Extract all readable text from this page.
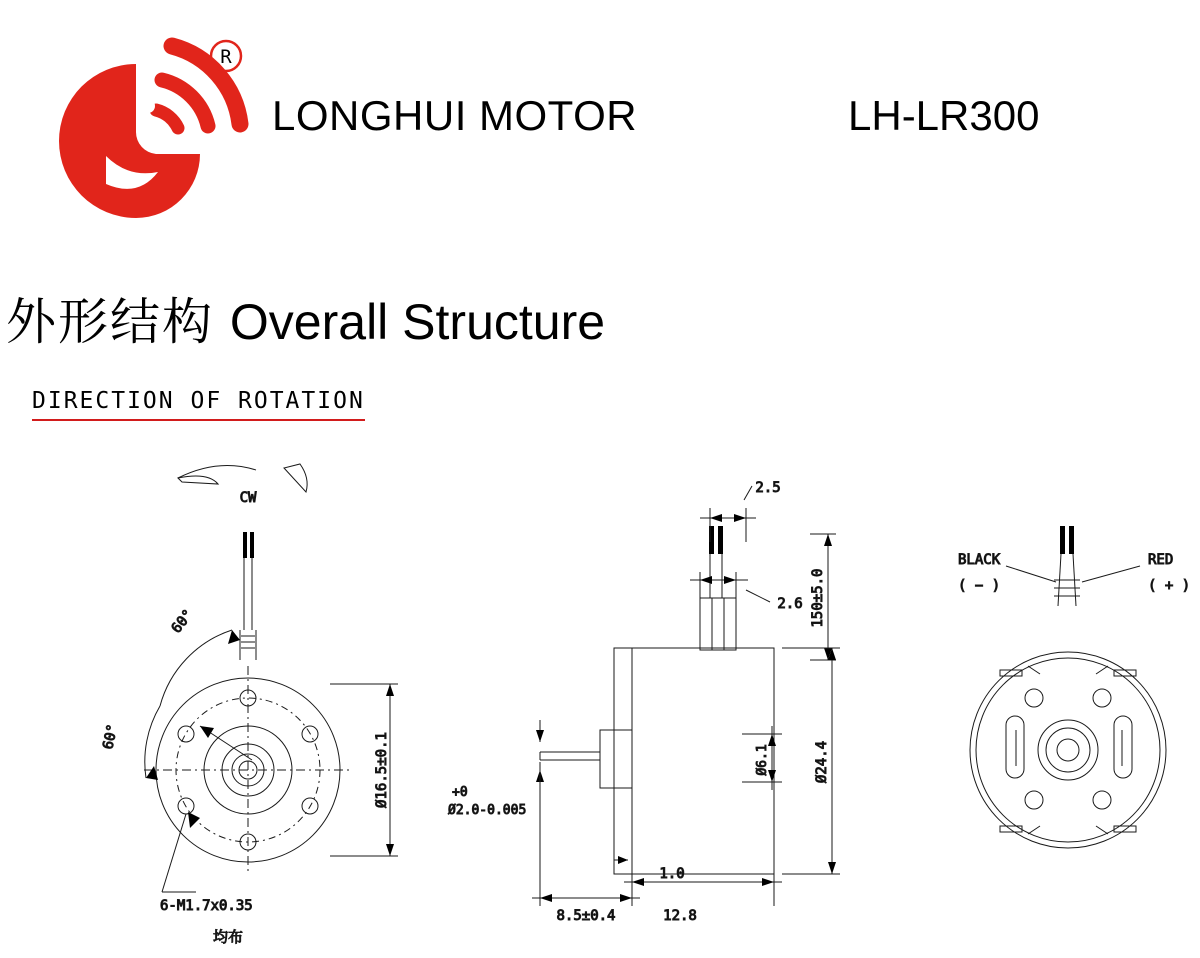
R
LONGHUI MOTOR	LH-LR300
外形结构 Overall Structure
DIRECTION OF ROTATION
CW
60°
60°	Ø16.5±0.1
6-M1.7x0.35
均布
2.5
2.6 150±5.0
Ø24.4
Ø6.1
+0
Ø2.0-0.005
8.5±0.4	12.8
1.0
BLACK
( − )
RED
( + )
